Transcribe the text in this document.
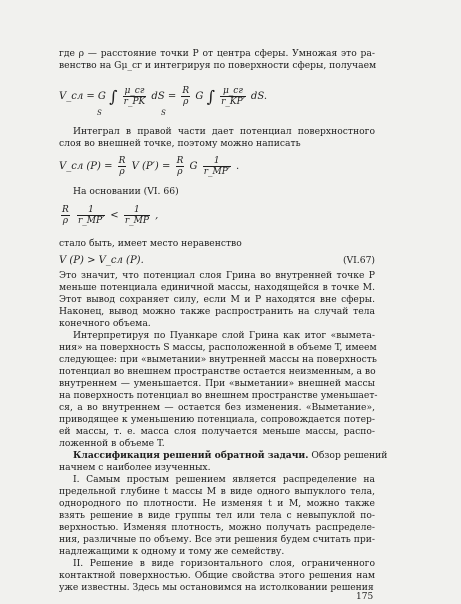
где ρ — расстояние точки P от центра сферы. Умножая это ра-
венство на Gμ_сг и интегрируя по поверхности сферы, получаем
V_сл = G ∫ $\frac{\mu\_сг}{r\_PK}$ dS = $\frac{R}{\rho}$ G ∫ $\frac{\mu\_сг}{r\_KP'}$ dS.
S	S
Интеграл в правой части дает потенциал поверхностного
слоя во внешней точке, поэтому можно написать
V_сл $(P) = \frac{R}{\rho}$ V $(P') = \frac{R}{\rho}$ G $\frac{1}{r\_MP'}$ .
На основании (VI. 66)
$\frac{R}{\rho}$
$\frac{1}{r\_MP'} < \frac{1}{r\_MP}$ ,
стало быть, имеет место неравенство
V (P) > V_сл (P).	(VI.67)
Это значит, что потенциал слоя Грина во внутренней точке P
меньше потенциала единичной массы, находящейся в точке M.
Этот вывод сохраняет силу, если M и P находятся вне сферы.
Наконец, вывод можно также распространить на случай тела
конечного объема.
Интерпретируя по Пуанкаре слой Грина как итог «вымета-
ния» на поверхность S массы, расположенной в объеме T, имеем
следующее: при «выметании» внутренней массы на поверхность
потенциал во внешнем пространстве остается неизменным, а во
внутреннем — уменьшается. При «выметании» внешней массы
на поверхность потенциал во внешнем пространстве уменьшает-
ся, а во внутреннем — остается без изменения. «Выметание»,
приводящее к уменьшению потенциала, сопровождается потер-
ей массы, т. е. масса слоя получается меньше массы, распо-
ложенной в объеме T.
Классификация решений обратной задачи. Обзор решений
начнем с наиболее изученных.
I. Самым простым решением является распределение на
предельной глубине t массы M в виде одного выпуклого тела,
однородного по плотности. Не изменяя t и M, можно также
взять решение в виде группы тел или тела с невыпуклой по-
верхностью. Изменяя плотность, можно получать распределе-
ния, различные по объему. Все эти решения будем считать при-
надлежащими к одному и тому же семейству.
II. Решение в виде горизонтального слоя, ограниченного
контактной поверхностью. Общие свойства этого решения нам
уже известны. Здесь мы остановимся на истолковании решения
175
